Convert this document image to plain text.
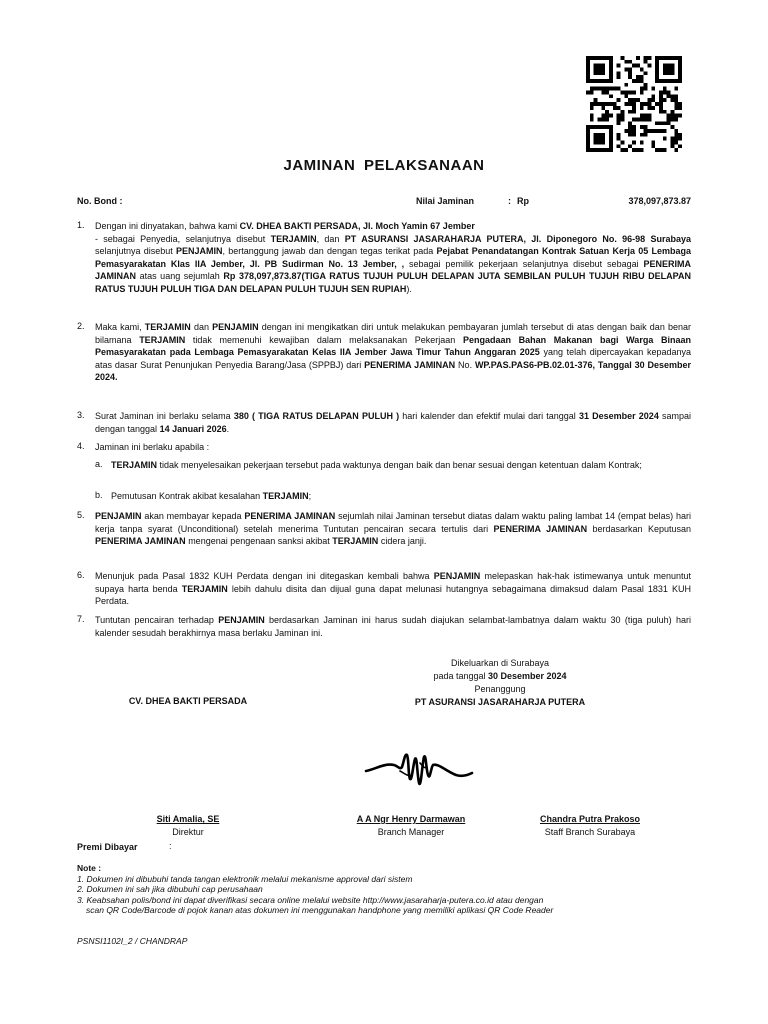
JAMINAN PELAKSANAAN
No. Bond :	Nilai Jaminan	: Rp	378,097,873.87
1.	Dengan ini dinyatakan, bahwa kami CV. DHEA BAKTI PERSADA, Jl. Moch Yamin 67 Jember
- sebagai Penyedia, selanjutnya disebut TERJAMIN, dan PT ASURANSI JASARAHARJA PUTERA, Jl. Diponegoro No. 96-98 Surabaya selanjutnya disebut PENJAMIN, bertanggung jawab dan dengan tegas terikat pada Pejabat Penandatangan Kontrak Satuan Kerja 05 Lembaga Pemasyarakatan Klas IIA Jember, Jl. PB Sudirman No. 13 Jember, , sebagai pemilik pekerjaan selanjutnya disebut sebagai PENERIMA JAMINAN atas uang sejumlah Rp 378,097,873.87(TIGA RATUS TUJUH PULUH DELAPAN JUTA SEMBILAN PULUH TUJUH RIBU DELAPAN RATUS TUJUH PULUH TIGA DAN DELAPAN PULUH TUJUH SEN RUPIAH).
2.	Maka kami, TERJAMIN dan PENJAMIN dengan ini mengikatkan diri untuk melakukan pembayaran jumlah tersebut di atas dengan baik dan benar bilamana TERJAMIN tidak memenuhi kewajiban dalam melaksanakan Pekerjaan Pengadaan Bahan Makanan bagi Warga Binaan Pemasyarakatan pada Lembaga Pemasyarakatan Kelas IIA Jember Jawa Timur Tahun Anggaran 2025 yang telah dipercayakan kepadanya atas dasar Surat Penunjukan Penyedia Barang/Jasa (SPPBJ) dari PENERIMA JAMINAN No. WP.PAS.PAS6-PB.02.01-376, Tanggal 30 Desember 2024.
3.	Surat Jaminan ini berlaku selama 380 ( TIGA RATUS DELAPAN PULUH ) hari kalender dan efektif mulai dari tanggal 31 Desember 2024 sampai dengan tanggal 14 Januari 2026.
4.	Jaminan ini berlaku apabila :
a. TERJAMIN tidak menyelesaikan pekerjaan tersebut pada waktunya dengan baik dan benar sesuai dengan ketentuan dalam Kontrak;
b. Pemutusan Kontrak akibat kesalahan TERJAMIN;
5.	PENJAMIN akan membayar kepada PENERIMA JAMINAN sejumlah nilai Jaminan tersebut diatas dalam waktu paling lambat 14 (empat belas) hari kerja tanpa syarat (Unconditional) setelah menerima Tuntutan pencairan secara tertulis dari PENERIMA JAMINAN berdasarkan Keputusan PENERIMA JAMINAN mengenai pengenaan sanksi akibat TERJAMIN cidera janji.
6.	Menunjuk pada Pasal 1832 KUH Perdata dengan ini ditegaskan kembali bahwa PENJAMIN melepaskan hak-hak istimewanya untuk menuntut supaya harta benda TERJAMIN lebih dahulu disita dan dijual guna dapat melunasi hutangnya sebagaimana dimaksud dalam Pasal 1831 KUH Perdata.
7.	Tuntutan pencairan terhadap PENJAMIN berdasarkan Jaminan ini harus sudah diajukan selambat-lambatnya dalam waktu 30 (tiga puluh) hari kalender sesudah berakhirnya masa berlaku Jaminan ini.
Dikeluarkan di Surabaya
pada tanggal 30 Desember 2024
Penanggung
PT ASURANSI JASARAHARJA PUTERA
CV. DHEA BAKTI PERSADA
Siti Amalia, SE
Direktur
A A Ngr Henry Darmawan
Branch Manager
Chandra Putra Prakoso
Staff Branch Surabaya
Premi Dibayar	:
Note :
1. Dokumen ini dibubuhi tanda tangan elektronik melalui mekanisme approval dari sistem
2. Dokumen ini sah jika dibubuhi cap perusahaan
3. Keabsahan polis/bond ini dapat diverifikasi secara online melalui website http://www.jasaraharja-putera.co.id atau dengan
scan QR Code/Barcode di pojok kanan atas dokumen ini menggunakan handphone yang memiliki aplikasi QR Code Reader
PSNSI1102I_2 / CHANDRAP
